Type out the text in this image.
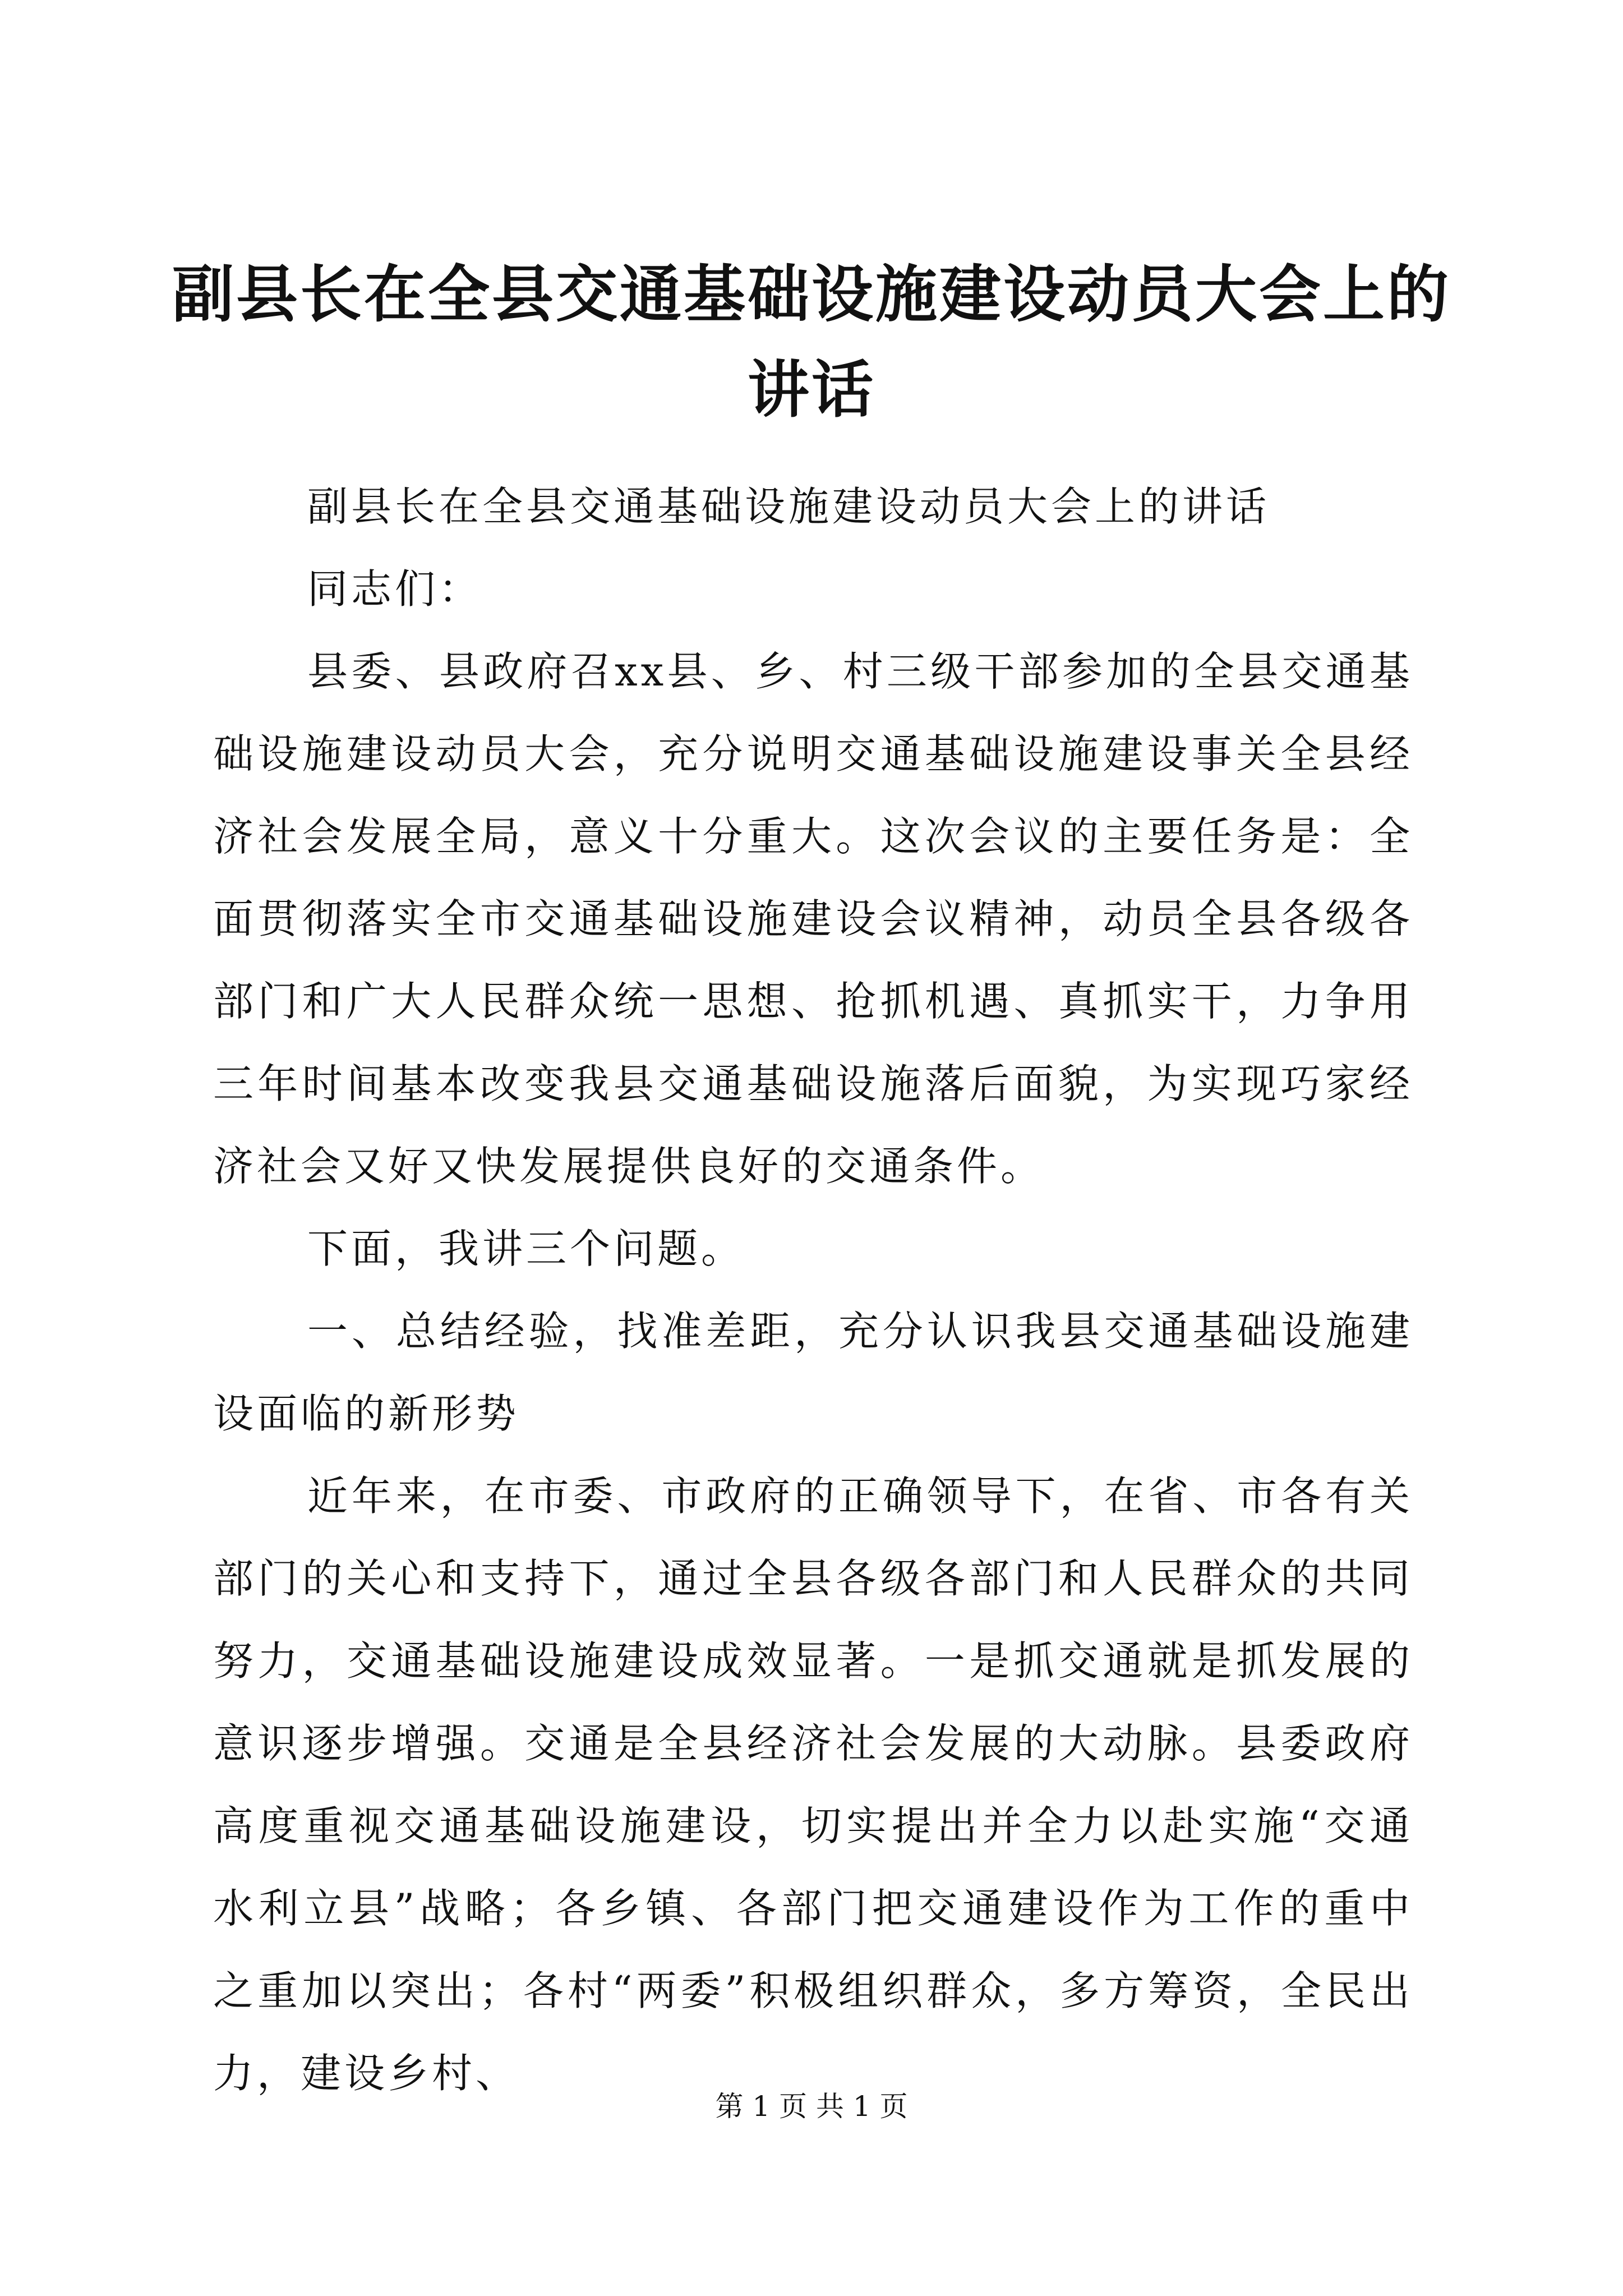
副县长在全县交通基础设施建设动员大会上的讲话

副县长在全县交通基础设施建设动员大会上的讲话

同志们：

县委、县政府召xx县、乡、村三级干部参加的全县交通基础设施建设动员大会，充分说明交通基础设施建设事关全县经济社会发展全局，意义十分重大。这次会议的主要任务是：全面贯彻落实全市交通基础设施建设会议精神，动员全县各级各部门和广大人民群众统一思想、抢抓机遇、真抓实干，力争用三年时间基本改变我县交通基础设施落后面貌，为实现巧家经济社会又好又快发展提供良好的交通条件。

下面，我讲三个问题。

一、总结经验，找准差距，充分认识我县交通基础设施建设面临的新形势

近年来，在市委、市政府的正确领导下，在省、市各有关部门的关心和支持下，通过全县各级各部门和人民群众的共同努力，交通基础设施建设成效显著。一是抓交通就是抓发展的意识逐步增强。交通是全县经济社会发展的大动脉。县委政府高度重视交通基础设施建设，切实提出并全力以赴实施“交通水利立县”战略；各乡镇、各部门把交通建设作为工作的重中之重加以突出；各村“两委”积极组织群众，多方筹资，全民出力，建设乡村、

第 1 页 共 1 页
